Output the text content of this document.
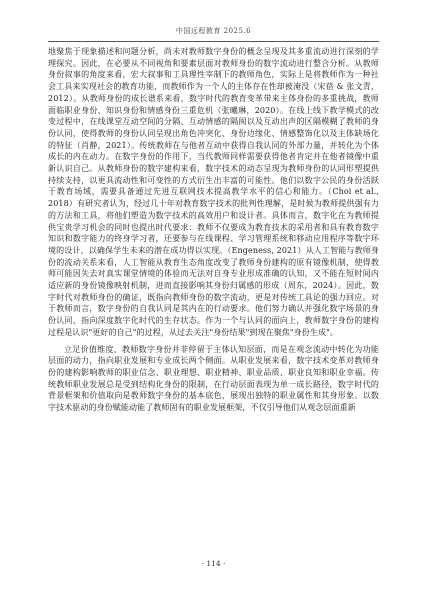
中国远程教育 2025.6

地聚焦于现象描述和问题分析，尚未对教师数字身份的概念呈现及其多重流动进行深刻的学理探究。因此，在必要从不同视角和要素层面对教师身份的数字流动进行整合分析。从教师身份叙事的角度来看，宏大叙事和工具理性宰制下的教师角色，实际上是将教师作为一种社会工具来实现社会的教育功能，而教师作为一个人的主体存在性却被淹没（宋蓓 & 张文青，2012）。从教师身份的成长谱系来看，数字时代的教育变革带来主体身份的多重挑战，教师面临职业身份、知识身份和情感身份三重危机（张曦琳，2020）。在线上线下教学模式的改变过程中，在线课堂互动空间的分隔、互动情感的隔阂以及互动出声的区隔模糊了教师的身份认同，使得教师的身份认同呈现出角色冲突化、身份边缘化、情感整饰化以及主体缺场化的特征（肖静，2021）。传统教师在与他者互动中获得自我认同的外部力量，并转化为个体成长的内在动力。在数字身份的作用下，当代教师同样需要获得他者肯定并在他者镜像中重新认识自己。从教师身份的数字建构来看，数字技术的动态呈现为教师身份的认同形塑提供持续支持，以更具流动性和可变性的方式衍生出丰富的可能性。他们以数字公民的身份活跃于教育场域，需要具备通过先进互联网技术提高教学水平的信心和能力。（Choi et al., 2018）有研究者认为，经过几十年对教育数字技术的批判性理解，是时候为教师提供强有力的方法和工具，将他们塑造为数字技术的高效用户和设计者。具体而言，数字化在为教师提供宝贵学习机会的同时也提出时代要求：教师不仅要成为教育技术的采用者和具有教育数字知识和数字能力的终身学习者，还要参与在线课程、学习管理系统和移动应用程序等数字环境的设计，以确保学生未来的潜在成功得以实现。（Engeness, 2021）从人工智能与教师身份的流动关系来看，人工智能从教育生态角度改变了教师身份建构的原有镜像机制，使得教师可能因失去对真实课堂情境的体验而无法对自身专业形成准确的认知，又不能在短时间内适应新的身份镜像映射机制，进而直接影响其身份归属感的形成（周东，2024）。因此，数字时代对教师身份的确证，既指向教师身份的数字流动，更是对传统工具论的强力回应。对于教师而言，数字身份的自我认同是其内在的行动要求。他们努力确认并强化数字场景的身份认同，指向深度数字化时代的生存状态。作为一个与认同的面向上，教师数字身份的建构过程是认识"更好的自己"的过程，从过去关注"身份结果"到现在聚焦"身份生成"。

立足价值维度，教师数字身份并非停留于主体认知层面，而是在观念流动中转化为功能层面的动力，指向职业发展和专业成长两个侧面。从职业发展来看，数字技术变革对教师身份的建构影响教师的职业信念、职业理想、职业精神、职业品质、职业良知和职业幸福。传统教师职业发展总是受到结构化身份的限制，在行动层面表现为单一成长路径，数字时代的背景框架和价值取向是教师数字身份的基本底色，展现出独特的职业属性和其身形象。以数字技术驱动的身份赋能动能了教师固有的职业发展框架，不仅引导他们从观念层面重新

· 114 ·
